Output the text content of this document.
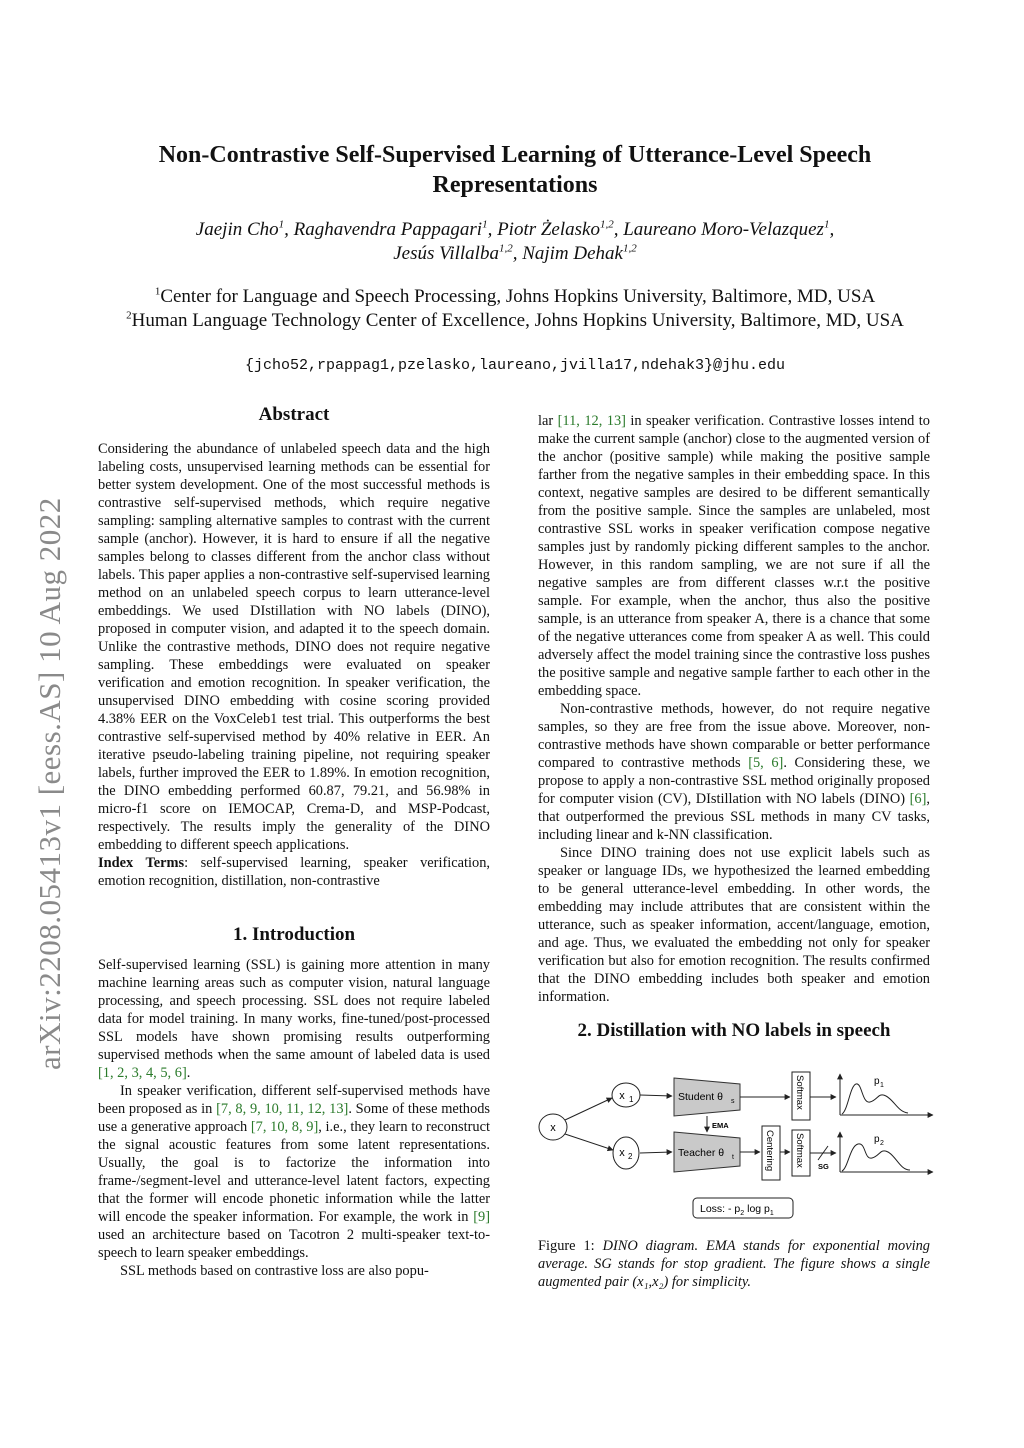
arXiv:2208.05413v1 [eess.AS] 10 Aug 2022
Non-Contrastive Self-Supervised Learning of Utterance-Level Speech Representations
Jaejin Cho$^1$, Raghavendra Pappagari$^1$, Piotr Żelasko$^{1,2}$, Laureano Moro-Velazquez$^1$,
Jesús Villalba$^{1,2}$, Najim Dehak$^{1,2}$
$^1$Center for Language and Speech Processing, Johns Hopkins University, Baltimore, MD, USA
$^2$Human Language Technology Center of Excellence, Johns Hopkins University, Baltimore, MD, USA
{jcho52,rpappag1,pzelasko,laureano,jvilla17,ndehak3}@jhu.edu
Abstract

Considering the abundance of unlabeled speech data and the high labeling costs, unsupervised learning methods can be essential for better system development. One of the most successful methods is contrastive self-supervised methods, which require negative sampling: sampling alternative samples to contrast with the current sample (anchor). However, it is hard to ensure if all the negative samples belong to classes different from the anchor class without labels. This paper applies a non-contrastive self-supervised learning method on an unlabeled speech corpus to learn utterance-level embeddings. We used DIstillation with NO labels (DINO), proposed in computer vision, and adapted it to the speech domain. Unlike the contrastive methods, DINO does not require negative sampling. These embeddings were evaluated on speaker verification and emotion recognition. In speaker verification, the unsupervised DINO embedding with cosine scoring provided 4.38% EER on the VoxCeleb1 test trial. This outperforms the best contrastive self-supervised method by 40% relative in EER. An iterative pseudo-labeling training pipeline, not requiring speaker labels, further improved the EER to 1.89%. In emotion recognition, the DINO embedding performed 60.87, 79.21, and 56.98% in micro-f1 score on IEMOCAP, Crema-D, and MSP-Podcast, respectively. The results imply the generality of the DINO embedding to different speech applications.

Index Terms: self-supervised learning, speaker verification, emotion recognition, distillation, non-contrastive
1. Introduction

Self-supervised learning (SSL) is gaining more attention in many machine learning areas such as computer vision, natural language processing, and speech processing. SSL does not require labeled data for model training. In many works, fine-tuned/post-processed SSL models have shown promising results outperforming supervised methods when the same amount of labeled data is used [1, 2, 3, 4, 5, 6].

In speaker verification, different self-supervised methods have been proposed as in [7, 8, 9, 10, 11, 12, 13]. Some of these methods use a generative approach [7, 10, 8, 9], i.e., they learn to reconstruct the signal acoustic features from some latent representations. Usually, the goal is to factorize the information into frame-/segment-level and utterance-level latent factors, expecting that the former will encode phonetic information while the latter will encode the speaker information. For example, the work in [9] used an architecture based on Tacotron 2 multi-speaker text-to-speech to learn speaker embeddings.

SSL methods based on contrastive loss are also popu-

lar [11, 12, 13] in speaker verification. Contrastive losses intend to make the current sample (anchor) close to the augmented version of the anchor (positive sample) while making the positive sample farther from the negative samples in their embedding space. In this context, negative samples are desired to be different semantically from the positive sample. Since the samples are unlabeled, most contrastive SSL works in speaker verification compose negative samples just by randomly picking different samples to the anchor. However, in this random sampling, we are not sure if all the negative samples are from different classes w.r.t the positive sample. For example, when the anchor, thus also the positive sample, is an utterance from speaker A, there is a chance that some of the negative utterances come from speaker A as well. This could adversely affect the model training since the contrastive loss pushes the positive sample and negative sample farther to each other in the embedding space.

Non-contrastive methods, however, do not require negative samples, so they are free from the issue above. Moreover, non-contrastive methods have shown comparable or better performance compared to contrastive methods [5, 6]. Considering these, we propose to apply a non-contrastive SSL method originally proposed for computer vision (CV), DIstillation with NO labels (DINO) [6], that outperformed the previous SSL methods in many CV tasks, including linear and k-NN classification.

Since DINO training does not use explicit labels such as speaker or language IDs, we hypothesized the learned embedding to be general utterance-level embedding. In other words, the embedding may include attributes that are consistent within the utterance, such as speaker information, accent/language, emotion, and age. Thus, we evaluated the embedding not only for speaker verification but also for emotion recognition. The results confirmed that the DINO embedding includes both speaker and emotion information.

2. Distillation with NO labels in speech
x
x 1
x 2
Student θ s
Teacher θ t
EMA
Softmax	p 1
Centering Softmax SG
p 2
Loss: - $p_2$ $\log p_1$
Figure 1: DINO diagram. EMA stands for exponential moving average. SG stands for stop gradient. The figure shows a single augmented pair (x₁,x₂) for simplicity.
